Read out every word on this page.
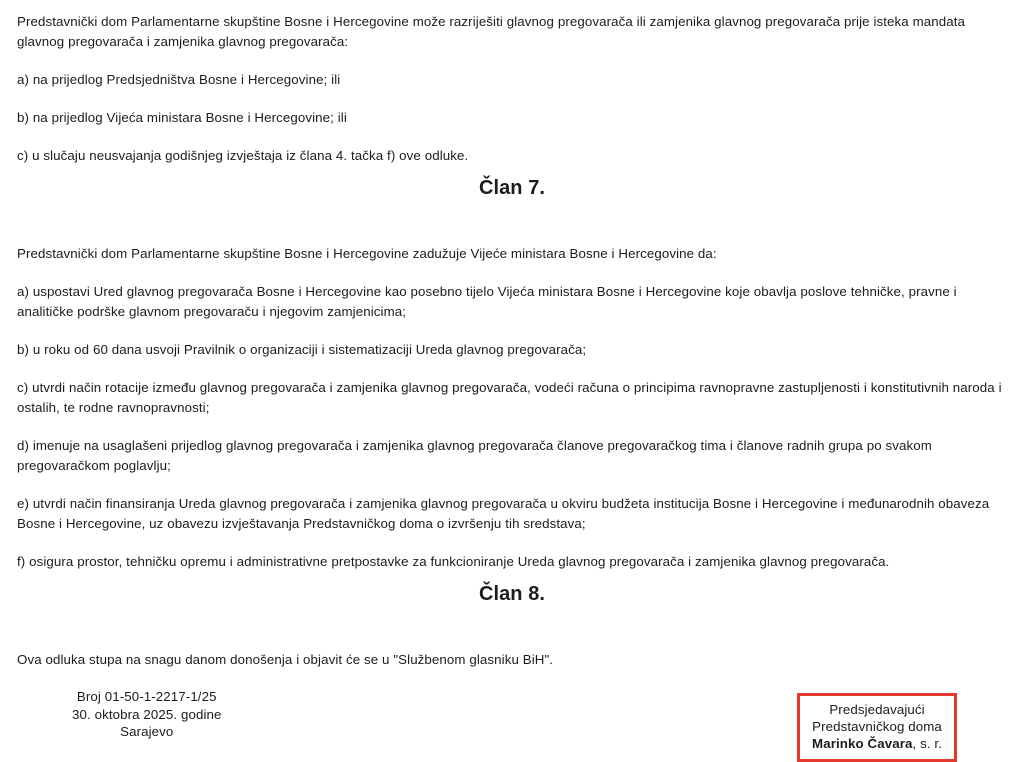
Predstavnički dom Parlamentarne skupštine Bosne i Hercegovine može razriješiti glavnog pregovarača ili zamjenika glavnog pregovarača prije isteka mandata glavnog pregovarača i zamjenika glavnog pregovarača:

a) na prijedlog Predsjedništva Bosne i Hercegovine; ili

b) na prijedlog Vijeća ministara Bosne i Hercegovine; ili

c) u slučaju neusvajanja godišnjeg izvještaja iz člana 4. tačka f) ove odluke.

Član 7.

Predstavnički dom Parlamentarne skupštine Bosne i Hercegovine zadužuje Vijeće ministara Bosne i Hercegovine da:

a) uspostavi Ured glavnog pregovarača Bosne i Hercegovine kao posebno tijelo Vijeća ministara Bosne i Hercegovine koje obavlja poslove tehničke, pravne i analitičke podrške glavnom pregovaraču i njegovim zamjenicima;

b) u roku od 60 dana usvoji Pravilnik o organizaciji i sistematizaciji Ureda glavnog pregovarača;

c) utvrdi način rotacije između glavnog pregovarača i zamjenika glavnog pregovarača, vodeći računa o principima ravnopravne zastupljenosti i konstitutivnih naroda i ostalih, te rodne ravnopravnosti;

d) imenuje na usaglašeni prijedlog glavnog pregovarača i zamjenika glavnog pregovarača članove pregovaračkog tima i članove radnih grupa po svakom pregovaračkom poglavlju;

e) utvrdi način finansiranja Ureda glavnog pregovarača i zamjenika glavnog pregovarača u okviru budžeta institucija Bosne i Hercegovine i međunarodnih obaveza Bosne i Hercegovine, uz obavezu izvještavanja Predstavničkog doma o izvršenju tih sredstava;

f) osigura prostor, tehničku opremu i administrativne pretpostavke za funkcioniranje Ureda glavnog pregovarača i zamjenika glavnog pregovarača.

Član 8.

Ova odluka stupa na snagu danom donošenja i objavit će se u "Službenom glasniku BiH".

Broj 01-50-1-2217-1/25
30. oktobra 2025. godine
Sarajevo
Predsjedavajući
Predstavničkog doma
Marinko Čavara, s. r.
